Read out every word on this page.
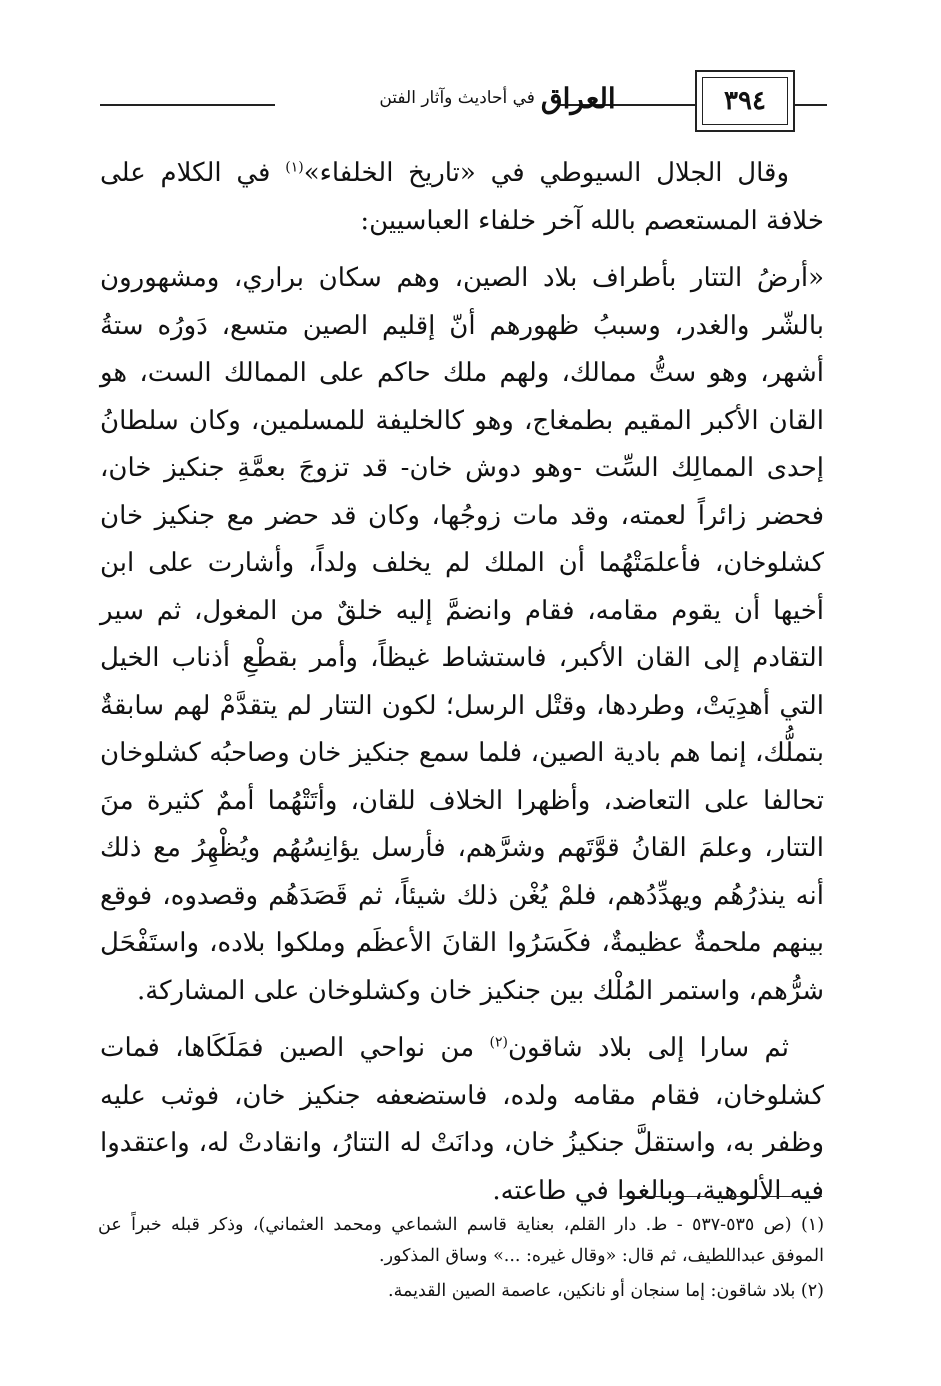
٣٩٤
العراق
في أحاديث وآثار الفتن

وقال الجلال السيوطي في «تاريخ الخلفاء»$^{(١)}$ في الكلام على خلافة المستعصم بالله آخر خلفاء العباسيين:

«أرضُ التتار بأطراف بلاد الصين، وهم سكان براري، ومشهورون بالشّر والغدر، وسببُ ظهورهم أنّ إقليم الصين متسع، دَورُه ستةُ أشهر، وهو ستُّ ممالك، ولهم ملك حاكم على الممالك الست، هو القان الأكبر المقيم بطمغاج، وهو كالخليفة للمسلمين، وكان سلطانُ إحدى الممالِك السِّت -وهو دوش خان- قد تزوجَ بعمَّةِ جنكيز خان، فحضر زائراً لعمته، وقد مات زوجُها، وكان قد حضر مع جنكيز خان كشلوخان، فأعلمَتْهُما أن الملك لم يخلف ولداً، وأشارت على ابن أخيها أن يقوم مقامه، فقام وانضمَّ إليه خلقٌ من المغول، ثم سير التقادم إلى القان الأكبر، فاستشاط غيظاً، وأمر بقطْعِ أذناب الخيل التي أهدِيَتْ، وطردها، وقتْل الرسل؛ لكون التتار لم يتقدَّمْ لهم سابقةٌ بتملُّك، إنما هم بادية الصين، فلما سمع جنكيز خان وصاحبُه كشلوخان تحالفا على التعاضد، وأظهرا الخلاف للقان، وأتَتْهُما أممٌ كثيرة منَ التتار، وعلمَ القانُ قوَّتَهم وشرَّهم، فأرسل يؤانِسُهُم ويُظْهِرُ مع ذلك أنه ينذرُهُم ويهدِّدُهم، فلمْ يُغْن ذلك شيئاً، ثم قَصَدَهُم وقصدوه، فوقع بينهم ملحمةٌ عظيمةٌ، فكَسَرُوا القانَ الأعظَم وملكوا بلاده، واستَفْحَل شرُّهم، واستمر المُلْك بين جنكيز خان وكشلوخان على المشاركة.

ثم سارا إلى بلاد شاقون$^{(٢)}$ من نواحي الصين فمَلَكَاها، فمات كشلوخان، فقام مقامه ولده، فاستضعفه جنكيز خان، فوثب عليه وظفر به، واستقلَّ جنكيزُ خان، ودانَتْ له التتارُ، وانقادتْ له، واعتقدوا فيه الألوهية، وبالغوا في طاعته.

(١) (ص ٥٣٥-٥٣٧ - ط. دار القلم، بعناية قاسم الشماعي ومحمد العثماني)، وذكر قبله خبراً عن الموفق عبداللطيف، ثم قال: «وقال غيره: ...» وساق المذكور.

(٢) بلاد شاقون: إما سنجان أو نانكين، عاصمة الصين القديمة.
